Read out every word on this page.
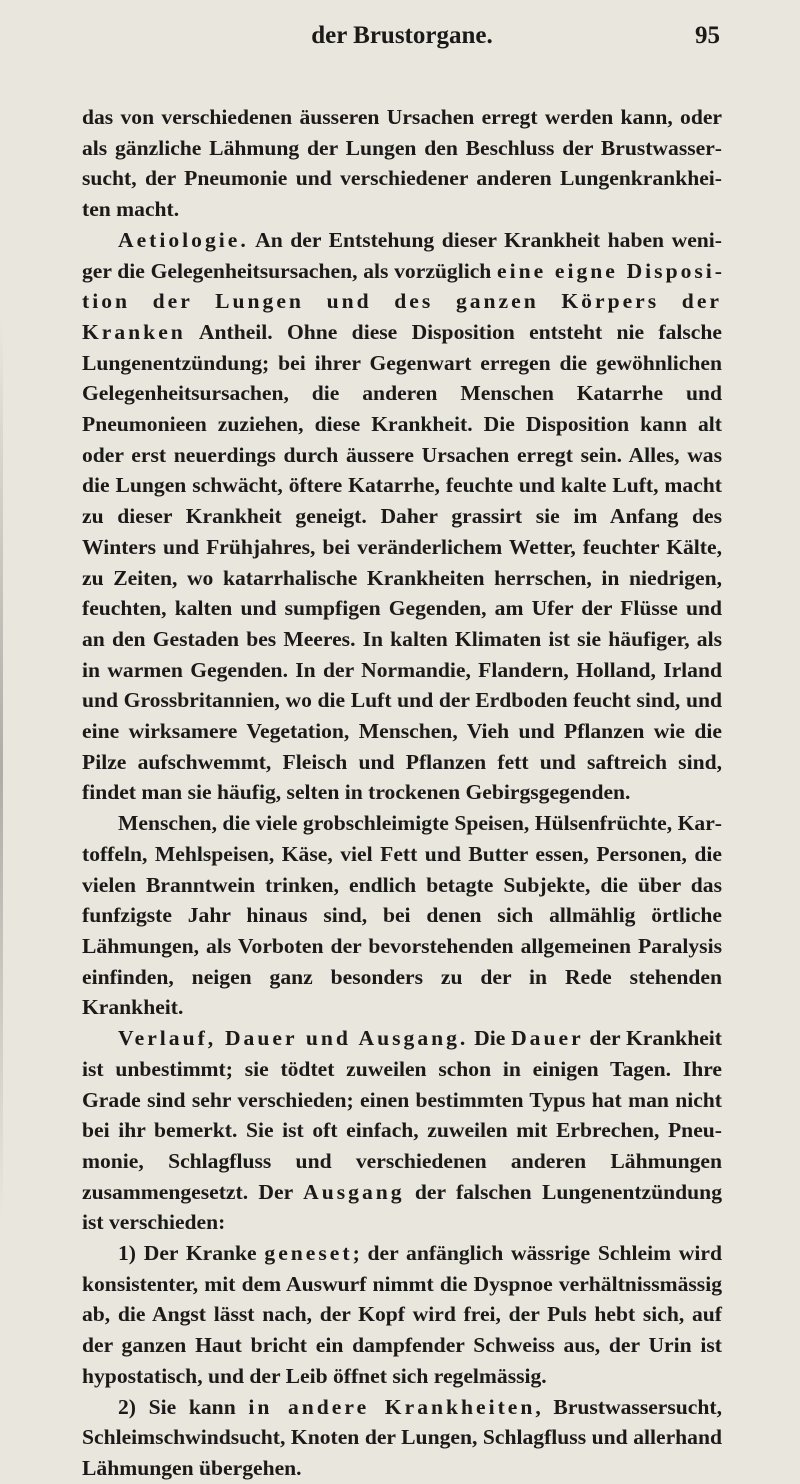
der Brustorgane.	95

das von verschiedenen äusseren Ursachen erregt werden kann, oder als gänzliche Lähmung der Lungen den Beschluss der Brustwassersucht, der Pneumonie und verschiedener anderen Lungenkrankheiten macht.

Aetiologie. An der Entstehung dieser Krankheit haben weniger die Gelegenheitsursachen, als vorzüglich eine eigne Disposition der Lungen und des ganzen Körpers der Kranken Antheil. Ohne diese Disposition entsteht nie falsche Lungenentzündung; bei ihrer Gegenwart erregen die gewöhnlichen Gelegenheitsursachen, die anderen Menschen Katarrhe und Pneumonieen zuziehen, diese Krankheit. Die Disposition kann alt oder erst neuerdings durch äussere Ursachen erregt sein. Alles, was die Lungen schwächt, öftere Katarrhe, feuchte und kalte Luft, macht zu dieser Krankheit geneigt. Daher grassirt sie im Anfang des Winters und Frühjahres, bei veränderlichem Wetter, feuchter Kälte, zu Zeiten, wo katarrhalische Krankheiten herrschen, in niedrigen, feuchten, kalten und sumpfigen Gegenden, am Ufer der Flüsse und an den Gestaden bes Meeres. In kalten Klimaten ist sie häufiger, als in warmen Gegenden. In der Normandie, Flandern, Holland, Irland und Grossbritannien, wo die Luft und der Erdboden feucht sind, und eine wirksamere Vegetation, Menschen, Vieh und Pflanzen wie die Pilze aufschwemmt, Fleisch und Pflanzen fett und saftreich sind, findet man sie häufig, selten in trockenen Gebirgsgegenden.

Menschen, die viele grobschleimigte Speisen, Hülsenfrüchte, Kartoffeln, Mehlspeisen, Käse, viel Fett und Butter essen, Personen, die vielen Branntwein trinken, endlich betagte Subjekte, die über das funfzigste Jahr hinaus sind, bei denen sich allmählig örtliche Lähmungen, als Vorboten der bevorstehenden allgemeinen Paralysis einfinden, neigen ganz besonders zu der in Rede stehenden Krankheit.

Verlauf, Dauer und Ausgang. Die Dauer der Krankheit ist unbestimmt; sie tödtet zuweilen schon in einigen Tagen. Ihre Grade sind sehr verschieden; einen bestimmten Typus hat man nicht bei ihr bemerkt. Sie ist oft einfach, zuweilen mit Erbrechen, Pneumonie, Schlagfluss und verschiedenen anderen Lähmungen zusammengesetzt. Der Ausgang der falschen Lungenentzündung ist verschieden:

1) Der Kranke geneset; der anfänglich wässrige Schleim wird konsistenter, mit dem Auswurf nimmt die Dyspnoe verhältnissmässig ab, die Angst lässt nach, der Kopf wird frei, der Puls hebt sich, auf der ganzen Haut bricht ein dampfender Schweiss aus, der Urin ist hypostatisch, und der Leib öffnet sich regelmässig.

2) Sie kann in andere Krankheiten, Brustwassersucht, Schleimschwindsucht, Knoten der Lungen, Schlagfluss und allerhand Lähmungen übergehen.
